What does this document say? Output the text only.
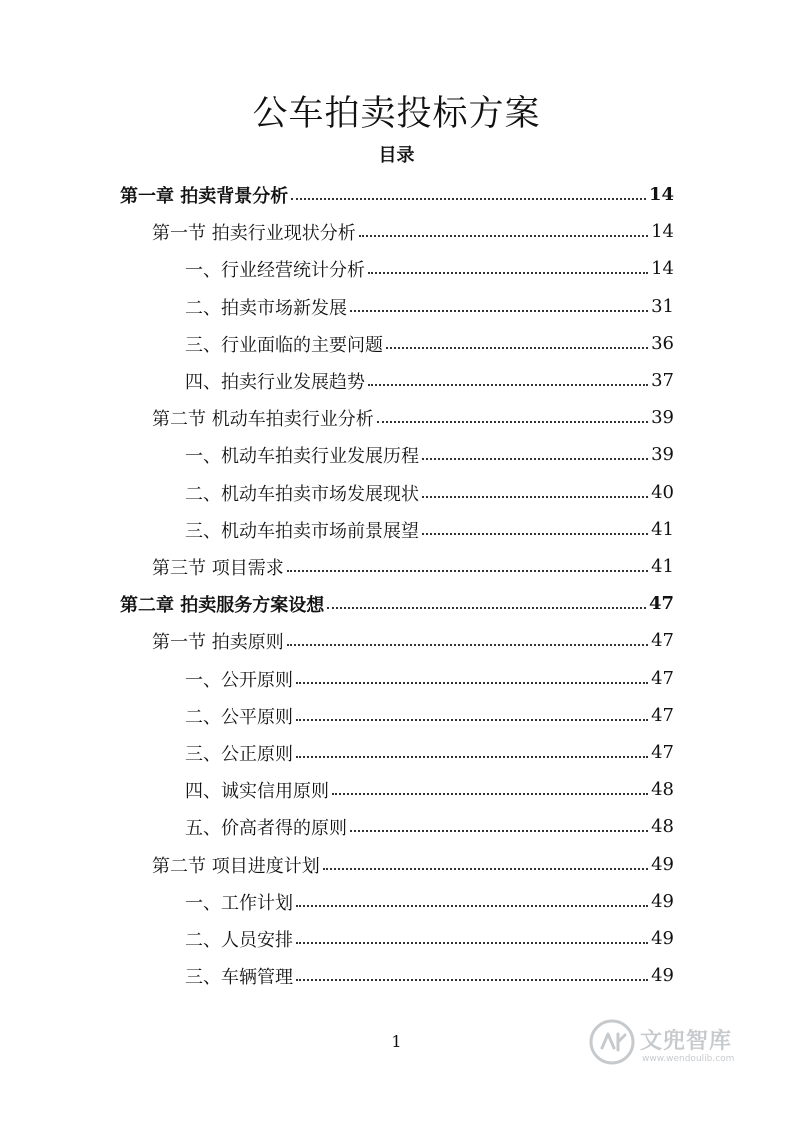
公车拍卖投标方案
目录
第一章 拍卖背景分析	14
第一节 拍卖行业现状分析	14
一、行业经营统计分析	14
二、拍卖市场新发展	31
三、行业面临的主要问题	36
四、拍卖行业发展趋势	37
第二节 机动车拍卖行业分析	39
一、机动车拍卖行业发展历程	39
二、机动车拍卖市场发展现状	40
三、机动车拍卖市场前景展望	41
第三节 项目需求	41
第二章 拍卖服务方案设想	47
第一节 拍卖原则	47
一、公开原则	47
二、公平原则	47
三、公正原则	47
四、诚实信用原则	48
五、价高者得的原则	48
第二节 项目进度计划	49
一、工作计划	49
二、人员安排	49
三、车辆管理	49
1	文兜智库
www.wendoulib.com
